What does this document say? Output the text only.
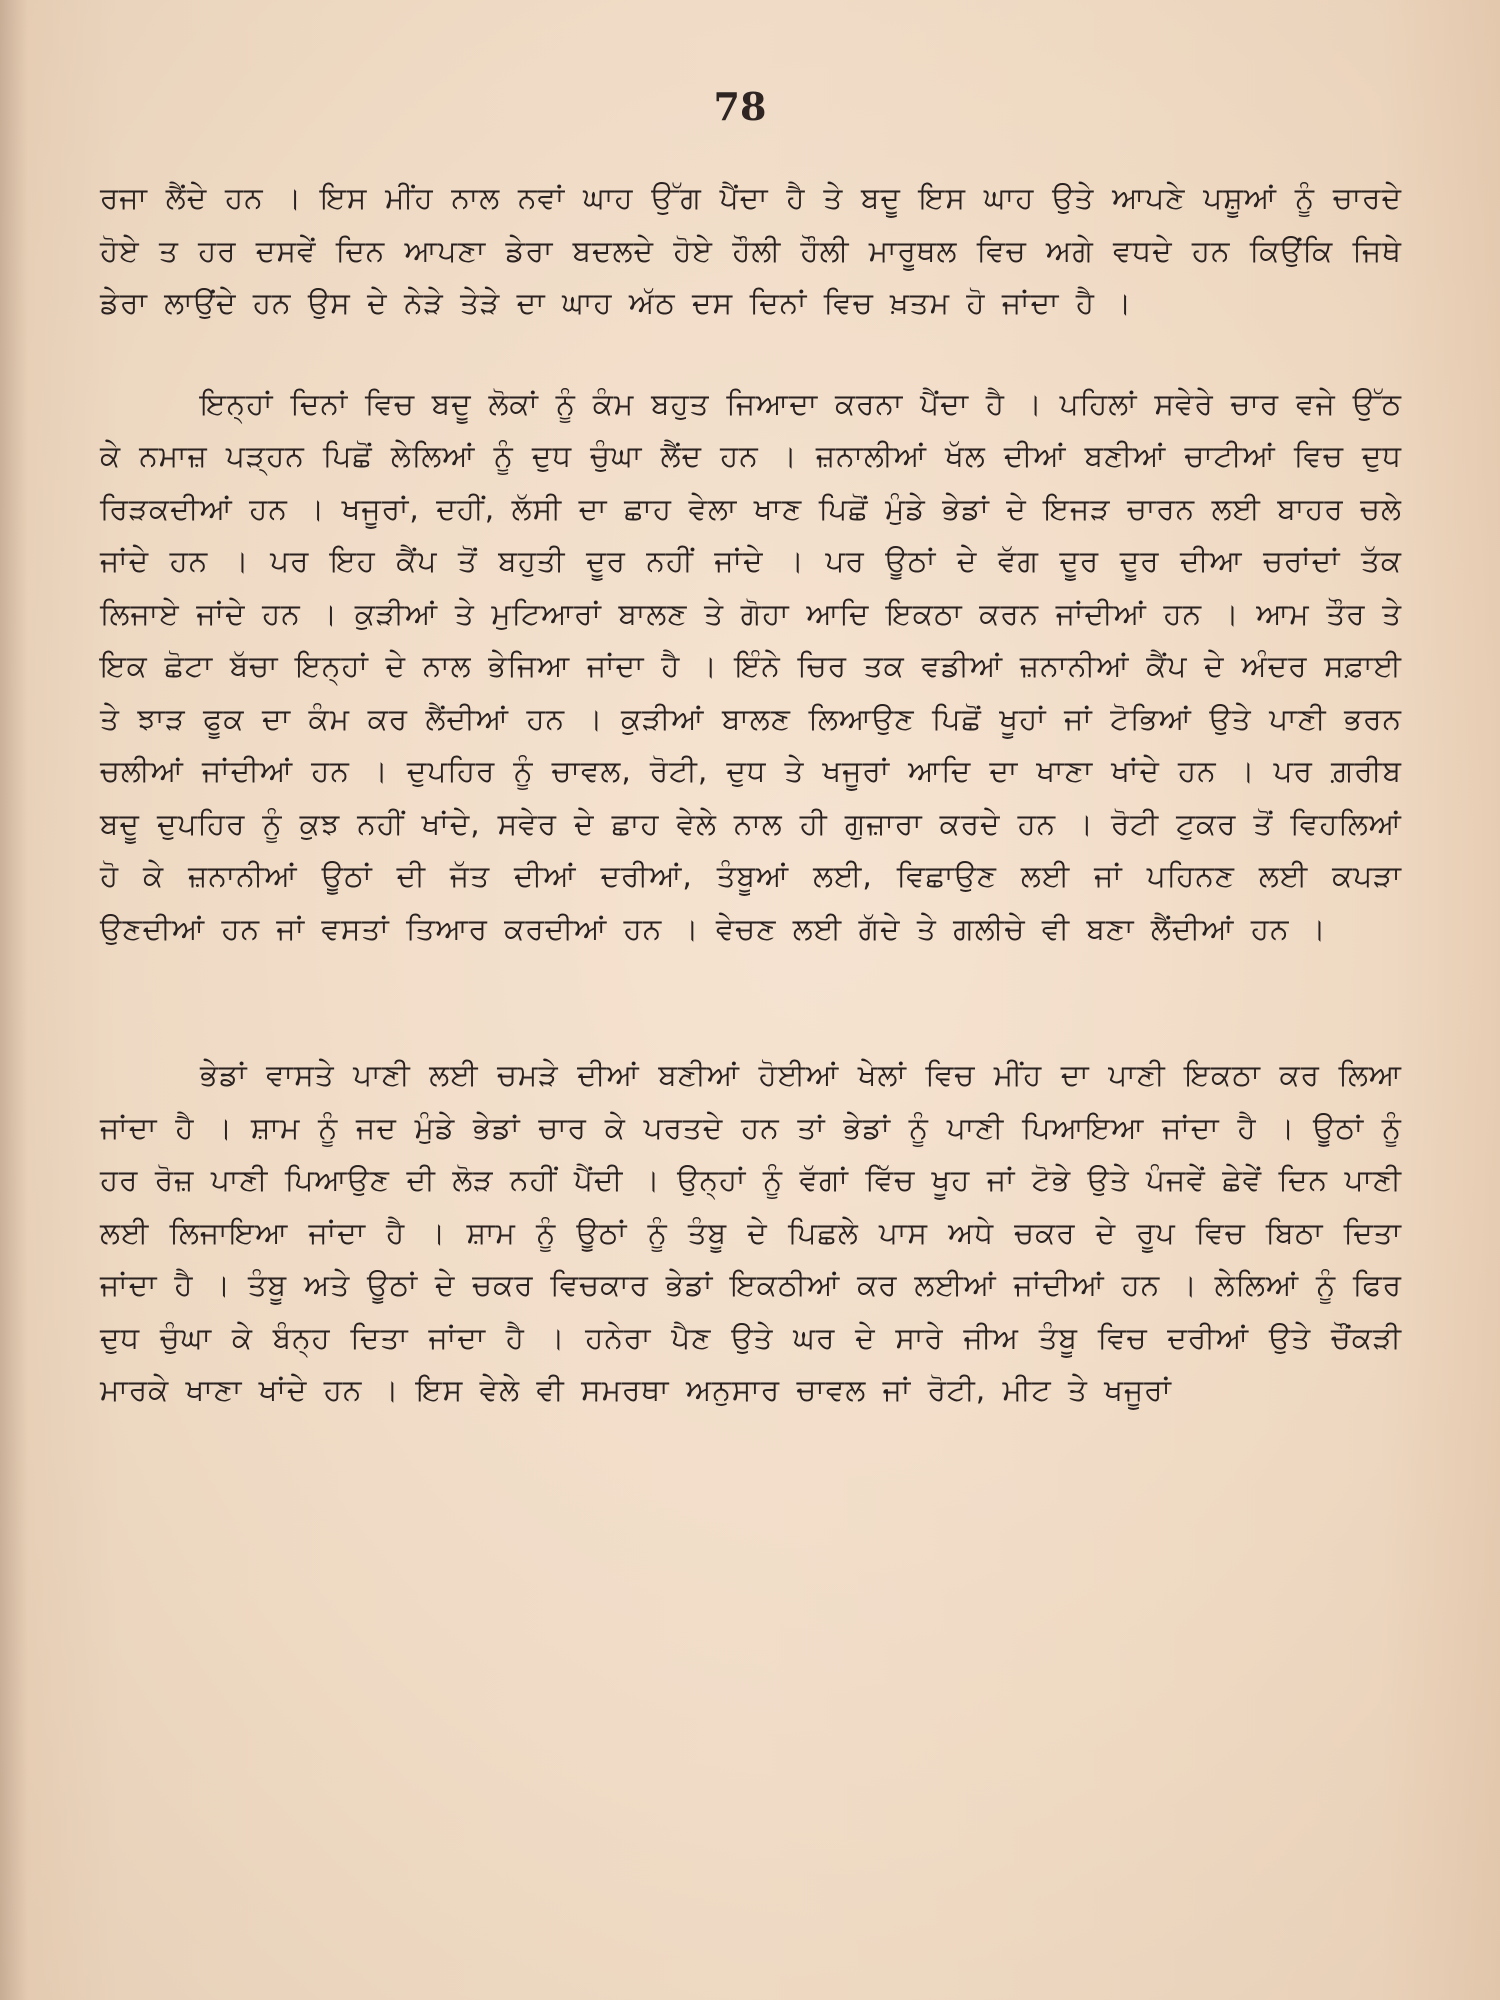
78

ਰਜਾ ਲੈਂਦੇ ਹਨ । ਇਸ ਮੀਂਹ ਨਾਲ ਨਵਾਂ ਘਾਹ ਉੱਗ ਪੈਂਦਾ ਹੈ ਤੇ ਬਦੂ ਇਸ ਘਾਹ ਉਤੇ ਆਪਣੇ ਪਸ਼ੂਆਂ ਨੂੰ ਚਾਰਦੇ ਹੋਏ ਤ ਹਰ ਦਸਵੇਂ ਦਿਨ ਆਪਣਾ ਡੇਰਾ ਬਦਲਦੇ ਹੋਏ ਹੌਲੀ ਹੌਲੀ ਮਾਰੂਥਲ ਵਿਚ ਅਗੇ ਵਧਦੇ ਹਨ ਕਿਉਂਕਿ ਜਿਥੇ ਡੇਰਾ ਲਾਉਂਦੇ ਹਨ ਉਸ ਦੇ ਨੇੜੇ ਤੇੜੇ ਦਾ ਘਾਹ ਅੱਠ ਦਸ ਦਿਨਾਂ ਵਿਚ ਖ਼ਤਮ ਹੋ ਜਾਂਦਾ ਹੈ ।

ਇਨ੍ਹਾਂ ਦਿਨਾਂ ਵਿਚ ਬਦੂ ਲੋਕਾਂ ਨੂੰ ਕੰਮ ਬਹੁਤ ਜਿਆਦਾ ਕਰਨਾ ਪੈਂਦਾ ਹੈ । ਪਹਿਲਾਂ ਸਵੇਰੇ ਚਾਰ ਵਜੇ ਉੱਠ ਕੇ ਨਮਾਜ਼ ਪੜ੍ਹਨ ਪਿਛੋਂ ਲੇਲਿਆਂ ਨੂੰ ਦੁਧ ਚੁੰਘਾ ਲੈਂਦ ਹਨ । ਜ਼ਨਾਲੀਆਂ ਖੱਲ ਦੀਆਂ ਬਣੀਆਂ ਚਾਟੀਆਂ ਵਿਚ ਦੁਧ ਰਿੜਕਦੀਆਂ ਹਨ । ਖਜੂਰਾਂ, ਦਹੀਂ, ਲੱਸੀ ਦਾ ਛਾਹ ਵੇਲਾ ਖਾਣ ਪਿਛੋਂ ਮੁੰਡੇ ਭੇਡਾਂ ਦੇ ਇਜੜ ਚਾਰਨ ਲਈ ਬਾਹਰ ਚਲੇ ਜਾਂਦੇ ਹਨ । ਪਰ ਇਹ ਕੈਂਪ ਤੋਂ ਬਹੁਤੀ ਦੂਰ ਨਹੀਂ ਜਾਂਦੇ । ਪਰ ਊਠਾਂ ਦੇ ਵੱਗ ਦੂਰ ਦੂਰ ਦੀਆ ਚਰਾਂਦਾਂ ਤੱਕ ਲਿਜਾਏ ਜਾਂਦੇ ਹਨ । ਕੁੜੀਆਂ ਤੇ ਮੁਟਿਆਰਾਂ ਬਾਲਣ ਤੇ ਗੋਹਾ ਆਦਿ ਇਕਠਾ ਕਰਨ ਜਾਂਦੀਆਂ ਹਨ । ਆਮ ਤੌਰ ਤੇ ਇਕ ਛੋਟਾ ਬੱਚਾ ਇਨ੍ਹਾਂ ਦੇ ਨਾਲ ਭੇਜਿਆ ਜਾਂਦਾ ਹੈ । ਇੰਨੇ ਚਿਰ ਤਕ ਵਡੀਆਂ ਜ਼ਨਾਨੀਆਂ ਕੈਂਪ ਦੇ ਅੰਦਰ ਸਫ਼ਾਈ ਤੇ ਝਾੜ ਫੂਕ ਦਾ ਕੰਮ ਕਰ ਲੈਂਦੀਆਂ ਹਨ । ਕੁੜੀਆਂ ਬਾਲਣ ਲਿਆਉਣ ਪਿਛੋਂ ਖੂਹਾਂ ਜਾਂ ਟੋਭਿਆਂ ਉਤੇ ਪਾਣੀ ਭਰਨ ਚਲੀਆਂ ਜਾਂਦੀਆਂ ਹਨ । ਦੁਪਹਿਰ ਨੂੰ ਚਾਵਲ, ਰੋਟੀ, ਦੁਧ ਤੇ ਖਜੂਰਾਂ ਆਦਿ ਦਾ ਖਾਣਾ ਖਾਂਦੇ ਹਨ । ਪਰ ਗ਼ਰੀਬ ਬਦੂ ਦੁਪਹਿਰ ਨੂੰ ਕੁਝ ਨਹੀਂ ਖਾਂਦੇ, ਸਵੇਰ ਦੇ ਛਾਹ ਵੇਲੇ ਨਾਲ ਹੀ ਗੁਜ਼ਾਰਾ ਕਰਦੇ ਹਨ । ਰੋਟੀ ਟੁਕਰ ਤੋਂ ਵਿਹਲਿਆਂ ਹੋ ਕੇ ਜ਼ਨਾਨੀਆਂ ਊਠਾਂ ਦੀ ਜੱਤ ਦੀਆਂ ਦਰੀਆਂ, ਤੰਬੂਆਂ ਲਈ, ਵਿਛਾਉਣ ਲਈ ਜਾਂ ਪਹਿਨਣ ਲਈ ਕਪੜਾ ਉਣਦੀਆਂ ਹਨ ਜਾਂ ਵਸਤਾਂ ਤਿਆਰ ਕਰਦੀਆਂ ਹਨ । ਵੇਚਣ ਲਈ ਗੱਦੇ ਤੇ ਗਲੀਚੇ ਵੀ ਬਣਾ ਲੈਂਦੀਆਂ ਹਨ ।

ਭੇਡਾਂ ਵਾਸਤੇ ਪਾਣੀ ਲਈ ਚਮੜੇ ਦੀਆਂ ਬਣੀਆਂ ਹੋਈਆਂ ਖੇਲਾਂ ਵਿਚ ਮੀਂਹ ਦਾ ਪਾਣੀ ਇਕਠਾ ਕਰ ਲਿਆ ਜਾਂਦਾ ਹੈ । ਸ਼ਾਮ ਨੂੰ ਜਦ ਮੁੰਡੇ ਭੇਡਾਂ ਚਾਰ ਕੇ ਪਰਤਦੇ ਹਨ ਤਾਂ ਭੇਡਾਂ ਨੂੰ ਪਾਣੀ ਪਿਆਇਆ ਜਾਂਦਾ ਹੈ । ਊਠਾਂ ਨੂੰ ਹਰ ਰੋਜ਼ ਪਾਣੀ ਪਿਆਉਣ ਦੀ ਲੋੜ ਨਹੀਂ ਪੈਂਦੀ । ਉਨ੍ਹਾਂ ਨੂੰ ਵੱਗਾਂ ਵਿੱਚ ਖੂਹ ਜਾਂ ਟੋਭੇ ਉਤੇ ਪੰਜਵੇਂ ਛੇਵੇਂ ਦਿਨ ਪਾਣੀ ਲਈ ਲਿਜਾਇਆ ਜਾਂਦਾ ਹੈ । ਸ਼ਾਮ ਨੂੰ ਊਠਾਂ ਨੂੰ ਤੰਬੂ ਦੇ ਪਿਛਲੇ ਪਾਸ ਅਧੇ ਚਕਰ ਦੇ ਰੂਪ ਵਿਚ ਬਿਠਾ ਦਿਤਾ ਜਾਂਦਾ ਹੈ । ਤੰਬੂ ਅਤੇ ਊਠਾਂ ਦੇ ਚਕਰ ਵਿਚਕਾਰ ਭੇਡਾਂ ਇਕਠੀਆਂ ਕਰ ਲਈਆਂ ਜਾਂਦੀਆਂ ਹਨ । ਲੇਲਿਆਂ ਨੂੰ ਫਿਰ ਦੁਧ ਚੁੰਘਾ ਕੇ ਬੰਨ੍ਹ ਦਿਤਾ ਜਾਂਦਾ ਹੈ । ਹਨੇਰਾ ਪੈਣ ਉਤੇ ਘਰ ਦੇ ਸਾਰੇ ਜੀਅ ਤੰਬੂ ਵਿਚ ਦਰੀਆਂ ਉਤੇ ਚੌਂਕੜੀ ਮਾਰਕੇ ਖਾਣਾ ਖਾਂਦੇ ਹਨ । ਇਸ ਵੇਲੇ ਵੀ ਸਮਰਥਾ ਅਨੁਸਾਰ ਚਾਵਲ ਜਾਂ ਰੋਟੀ, ਮੀਟ ਤੇ ਖਜੂਰਾਂ
